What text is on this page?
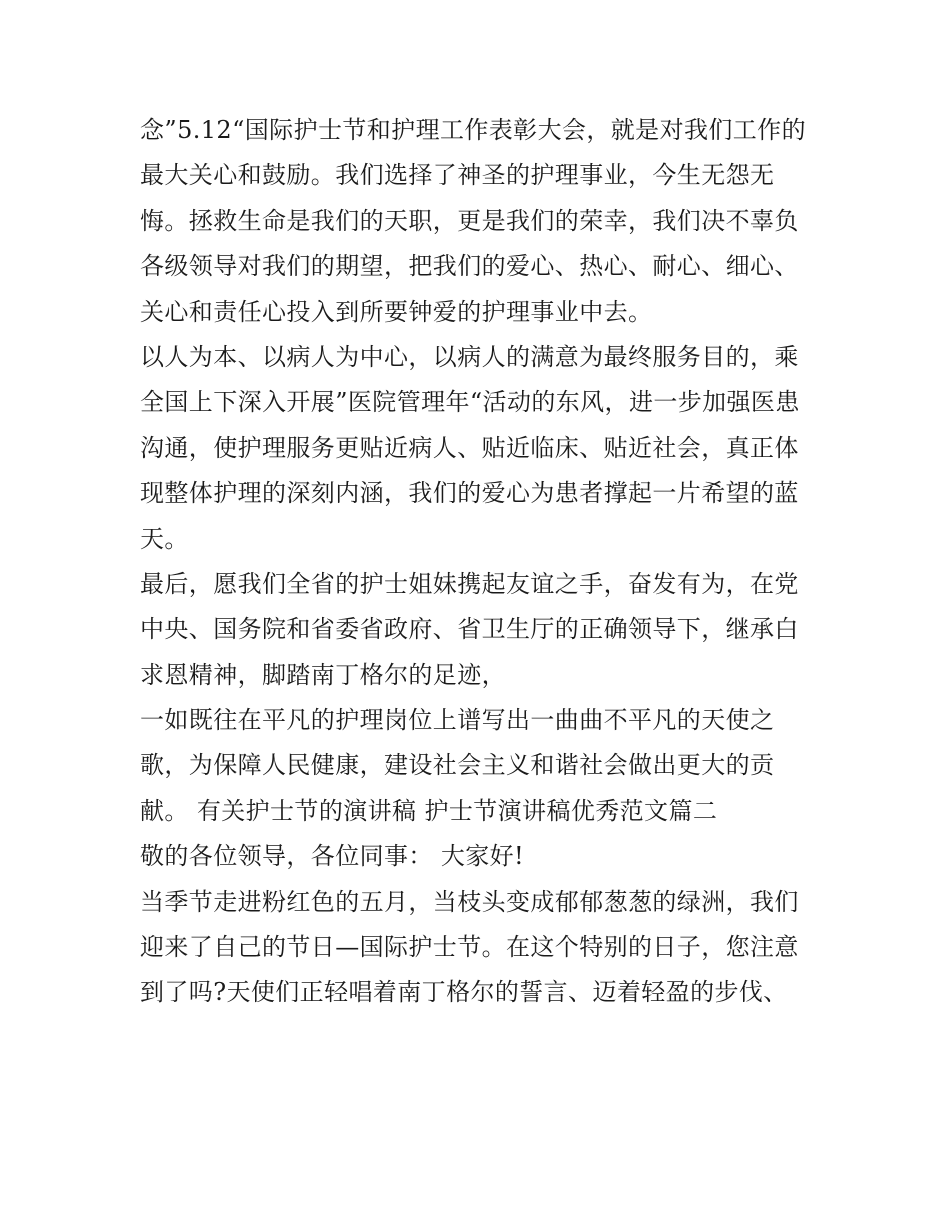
念”5.12“国际护士节和护理工作表彰大会，就是对我们工作的
最大关心和鼓励。我们选择了神圣的护理事业，今生无怨无
悔。拯救生命是我们的天职，更是我们的荣幸，我们决不辜负
各级领导对我们的期望，把我们的爱心、热心、耐心、细心、
关心和责任心投入到所要钟爱的护理事业中去。
以人为本、以病人为中心，以病人的满意为最终服务目的，乘
全国上下深入开展”医院管理年“活动的东风，进一步加强医患
沟通，使护理服务更贴近病人、贴近临床、贴近社会，真正体
现整体护理的深刻内涵，我们的爱心为患者撑起一片希望的蓝
天。
最后，愿我们全省的护士姐妹携起友谊之手，奋发有为，在党
中央、国务院和省委省政府、省卫生厅的正确领导下，继承白
求恩精神，脚踏南丁格尔的足迹，
一如既往在平凡的护理岗位上谱写出一曲曲不平凡的天使之
歌，为保障人民健康，建设社会主义和谐社会做出更大的贡
献。 有关护士节的演讲稿 护士节演讲稿优秀范文篇二
敬的各位领导，各位同事： 大家好!
当季节走进粉红色的五月，当枝头变成郁郁葱葱的绿洲，我们
迎来了自己的节日—国际护士节。在这个特别的日子，您注意
到了吗?天使们正轻唱着南丁格尔的誓言、迈着轻盈的步伐、
